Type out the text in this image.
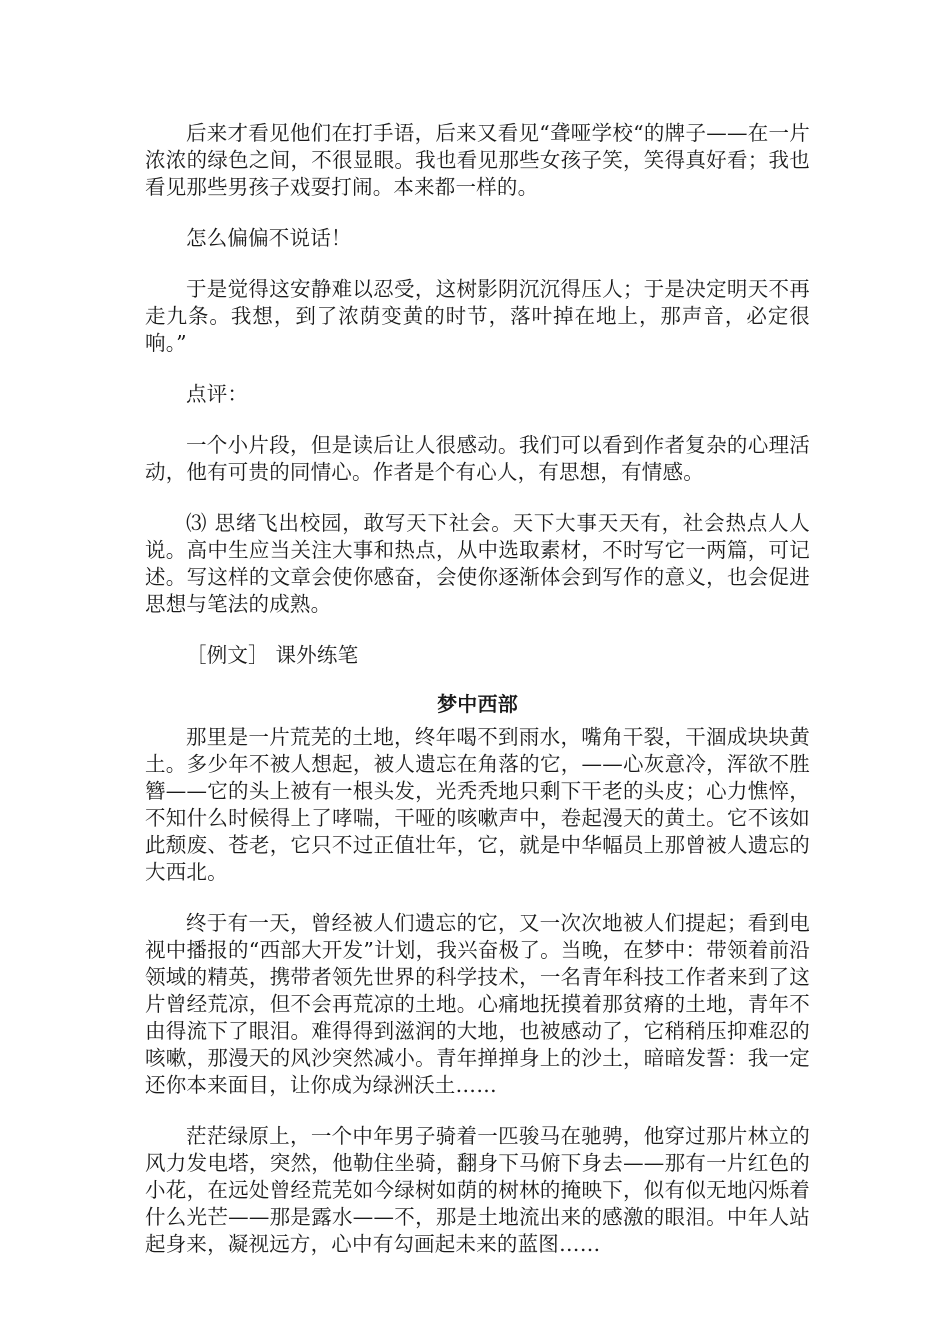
后来才看见他们在打手语，后来又看见“聋哑学校“的牌子——在一片浓浓的绿色之间，不很显眼。我也看见那些女孩子笑，笑得真好看；我也看见那些男孩子戏耍打闹。本来都一样的。

怎么偏偏不说话！

于是觉得这安静难以忍受，这树影阴沉沉得压人；于是决定明天不再走九条。我想，到了浓荫变黄的时节，落叶掉在地上，那声音，必定很响。”

点评：

一个小片段，但是读后让人很感动。我们可以看到作者复杂的心理活动，他有可贵的同情心。作者是个有心人，有思想，有情感。

⑶ 思绪飞出校园，敢写天下社会。天下大事天天有，社会热点人人说。高中生应当关注大事和热点，从中选取素材，不时写它一两篇，可记述。写这样的文章会使你感奋，会使你逐渐体会到写作的意义，也会促进思想与笔法的成熟。

［例文］ 课外练笔

梦中西部

那里是一片荒芜的土地，终年喝不到雨水，嘴角干裂，干涸成块块黄土。多少年不被人想起，被人遗忘在角落的它，——心灰意冷，浑欲不胜簪——它的头上被有一根头发，光秃秃地只剩下干老的头皮；心力憔悴，不知什么时候得上了哮喘，干哑的咳嗽声中，卷起漫天的黄土。它不该如此颓废、苍老，它只不过正值壮年，它，就是中华幅员上那曾被人遗忘的大西北。

终于有一天，曾经被人们遗忘的它，又一次次地被人们提起；看到电视中播报的“西部大开发”计划，我兴奋极了。当晚，在梦中：带领着前沿领域的精英，携带者领先世界的科学技术，一名青年科技工作者来到了这片曾经荒凉，但不会再荒凉的土地。心痛地抚摸着那贫瘠的土地，青年不由得流下了眼泪。难得得到滋润的大地，也被感动了，它稍稍压抑难忍的咳嗽，那漫天的风沙突然减小。青年掸掸身上的沙土，暗暗发誓：我一定还你本来面目，让你成为绿洲沃土……

茫茫绿原上，一个中年男子骑着一匹骏马在驰骋，他穿过那片林立的风力发电塔，突然，他勒住坐骑，翻身下马俯下身去——那有一片红色的小花，在远处曾经荒芜如今绿树如荫的树林的掩映下，似有似无地闪烁着什么光芒——那是露水——不，那是土地流出来的感激的眼泪。中年人站起身来，凝视远方，心中有勾画起未来的蓝图……
